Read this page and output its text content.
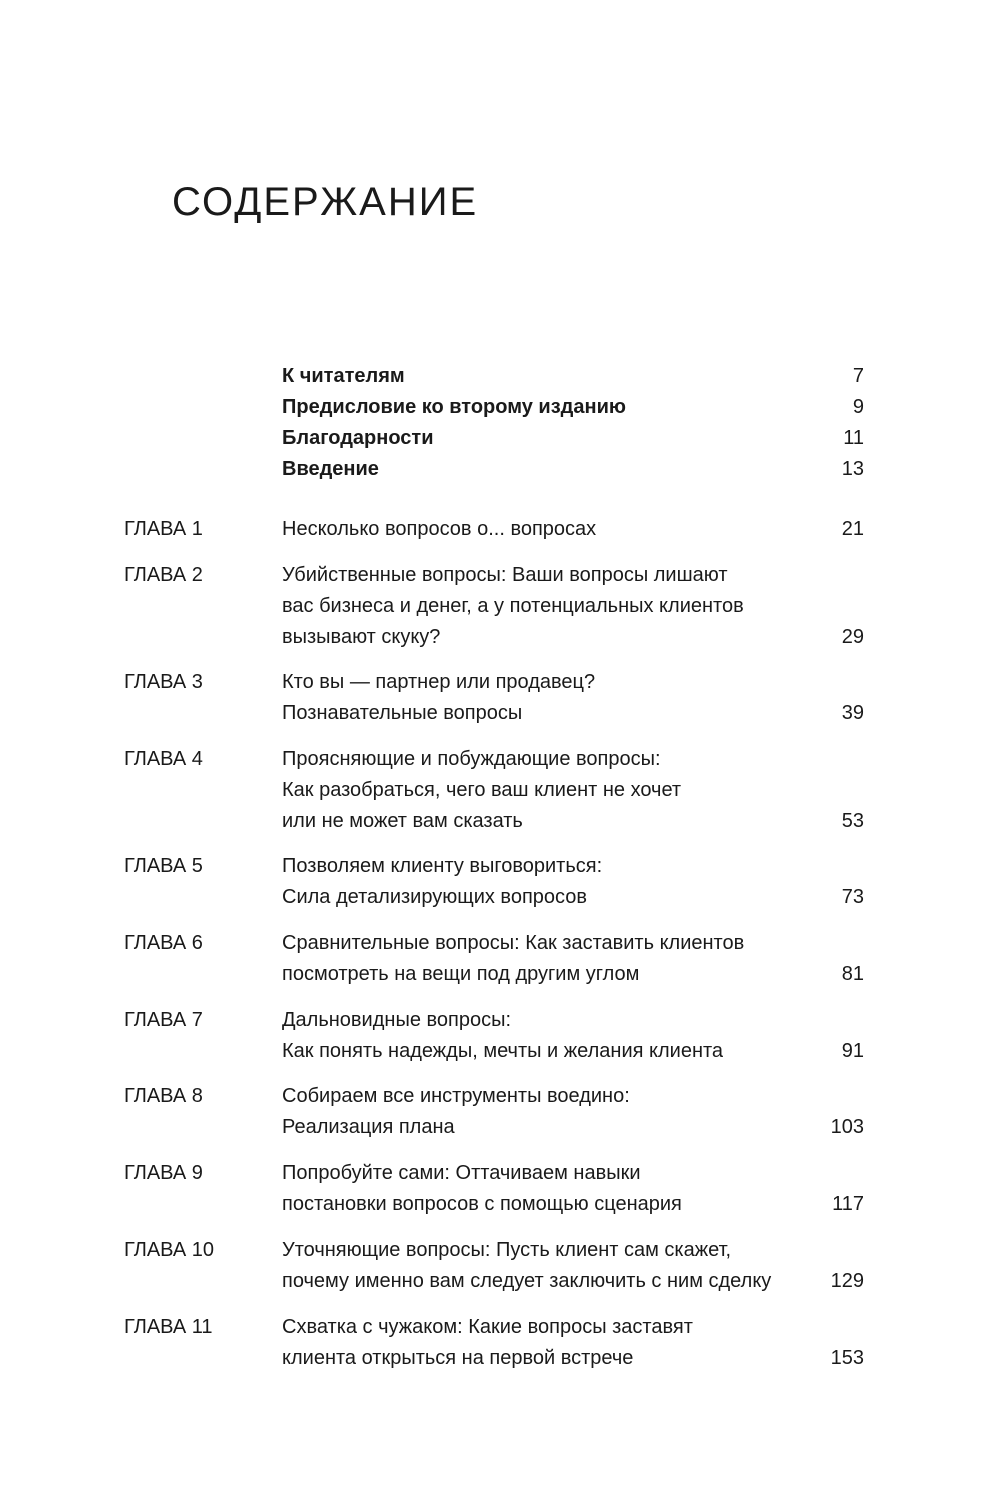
СОДЕРЖАНИЕ
К читателям	7
Предисловие ко второму изданию	9
Благодарности	11
Введение	13
ГЛАВА 1	Несколько вопросов о... вопросах	21
ГЛАВА 2	Убийственные вопросы: Ваши вопросы лишают
вас бизнеса и денег, а у потенциальных клиентов
вызывают скуку?	29
ГЛАВА 3	Кто вы — партнер или продавец?
Познавательные вопросы	39
ГЛАВА 4	Проясняющие и побуждающие вопросы:
Как разобраться, чего ваш клиент не хочет
или не может вам сказать	53
ГЛАВА 5	Позволяем клиенту выговориться:
Сила детализирующих вопросов	73
ГЛАВА 6	Сравнительные вопросы: Как заставить клиентов
посмотреть на вещи под другим углом	81
ГЛАВА 7	Дальновидные вопросы:
Как понять надежды, мечты и желания клиента	91
ГЛАВА 8	Собираем все инструменты воедино:
Реализация плана	103
ГЛАВА 9	Попробуйте сами: Оттачиваем навыки
постановки вопросов с помощью сценария	117
ГЛАВА 10	Уточняющие вопросы: Пусть клиент сам скажет,
почему именно вам следует заключить с ним сделку	129
ГЛАВА 11	Схватка с чужаком: Какие вопросы заставят
клиента открыться на первой встрече	153
